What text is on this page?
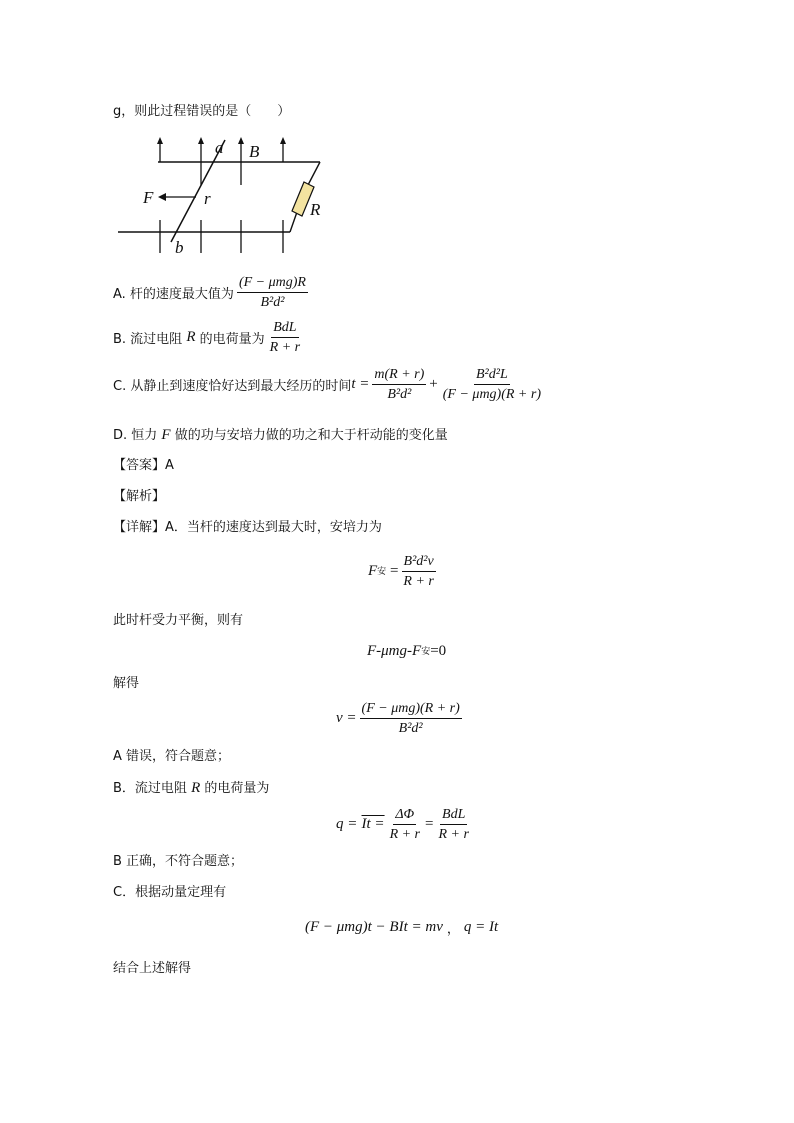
g，则此过程错误的是（　　）
a B
F	r
R
b
A. 杆的速度最大值为 $\frac{\text{(F − μmg)R}}{\text{B²d²}}$
B. 流过电阻
R
的电荷量为 $\frac{\text{BdL}}{R + r}$
C. 从静止到速度恰好达到最大经历的时间 $t = \frac{m(R + r)}{\text{B²d²}} + \frac{\text{B²d²L}}{\text{(F − μmg)(R + r)}}$
D. 恒力 F 做的功与安培力做的功之和大于杆动能的变化量
【答案】A
【解析】
【详解】A．当杆的速度达到最大时，安培力为
F 安 = $\frac{\text{B²d²v}}{R + r}$
此时杆受力平衡，则有
F-μmg-F 安 =0
解得
$v = \frac{\text{(F − μmg)(R + r)}}{\text{B²d²}}$
A 错误，符合题意；
B．流过电阻 R 的电荷量为
q =
$It = \frac{\Delta\Phi}{R + r} = \frac{\text{BdL}}{R + r}$
B 正确，不符合题意；
C．根据动量定理有
(F − μmg)t − BIt = mv ， q = It
结合上述解得
